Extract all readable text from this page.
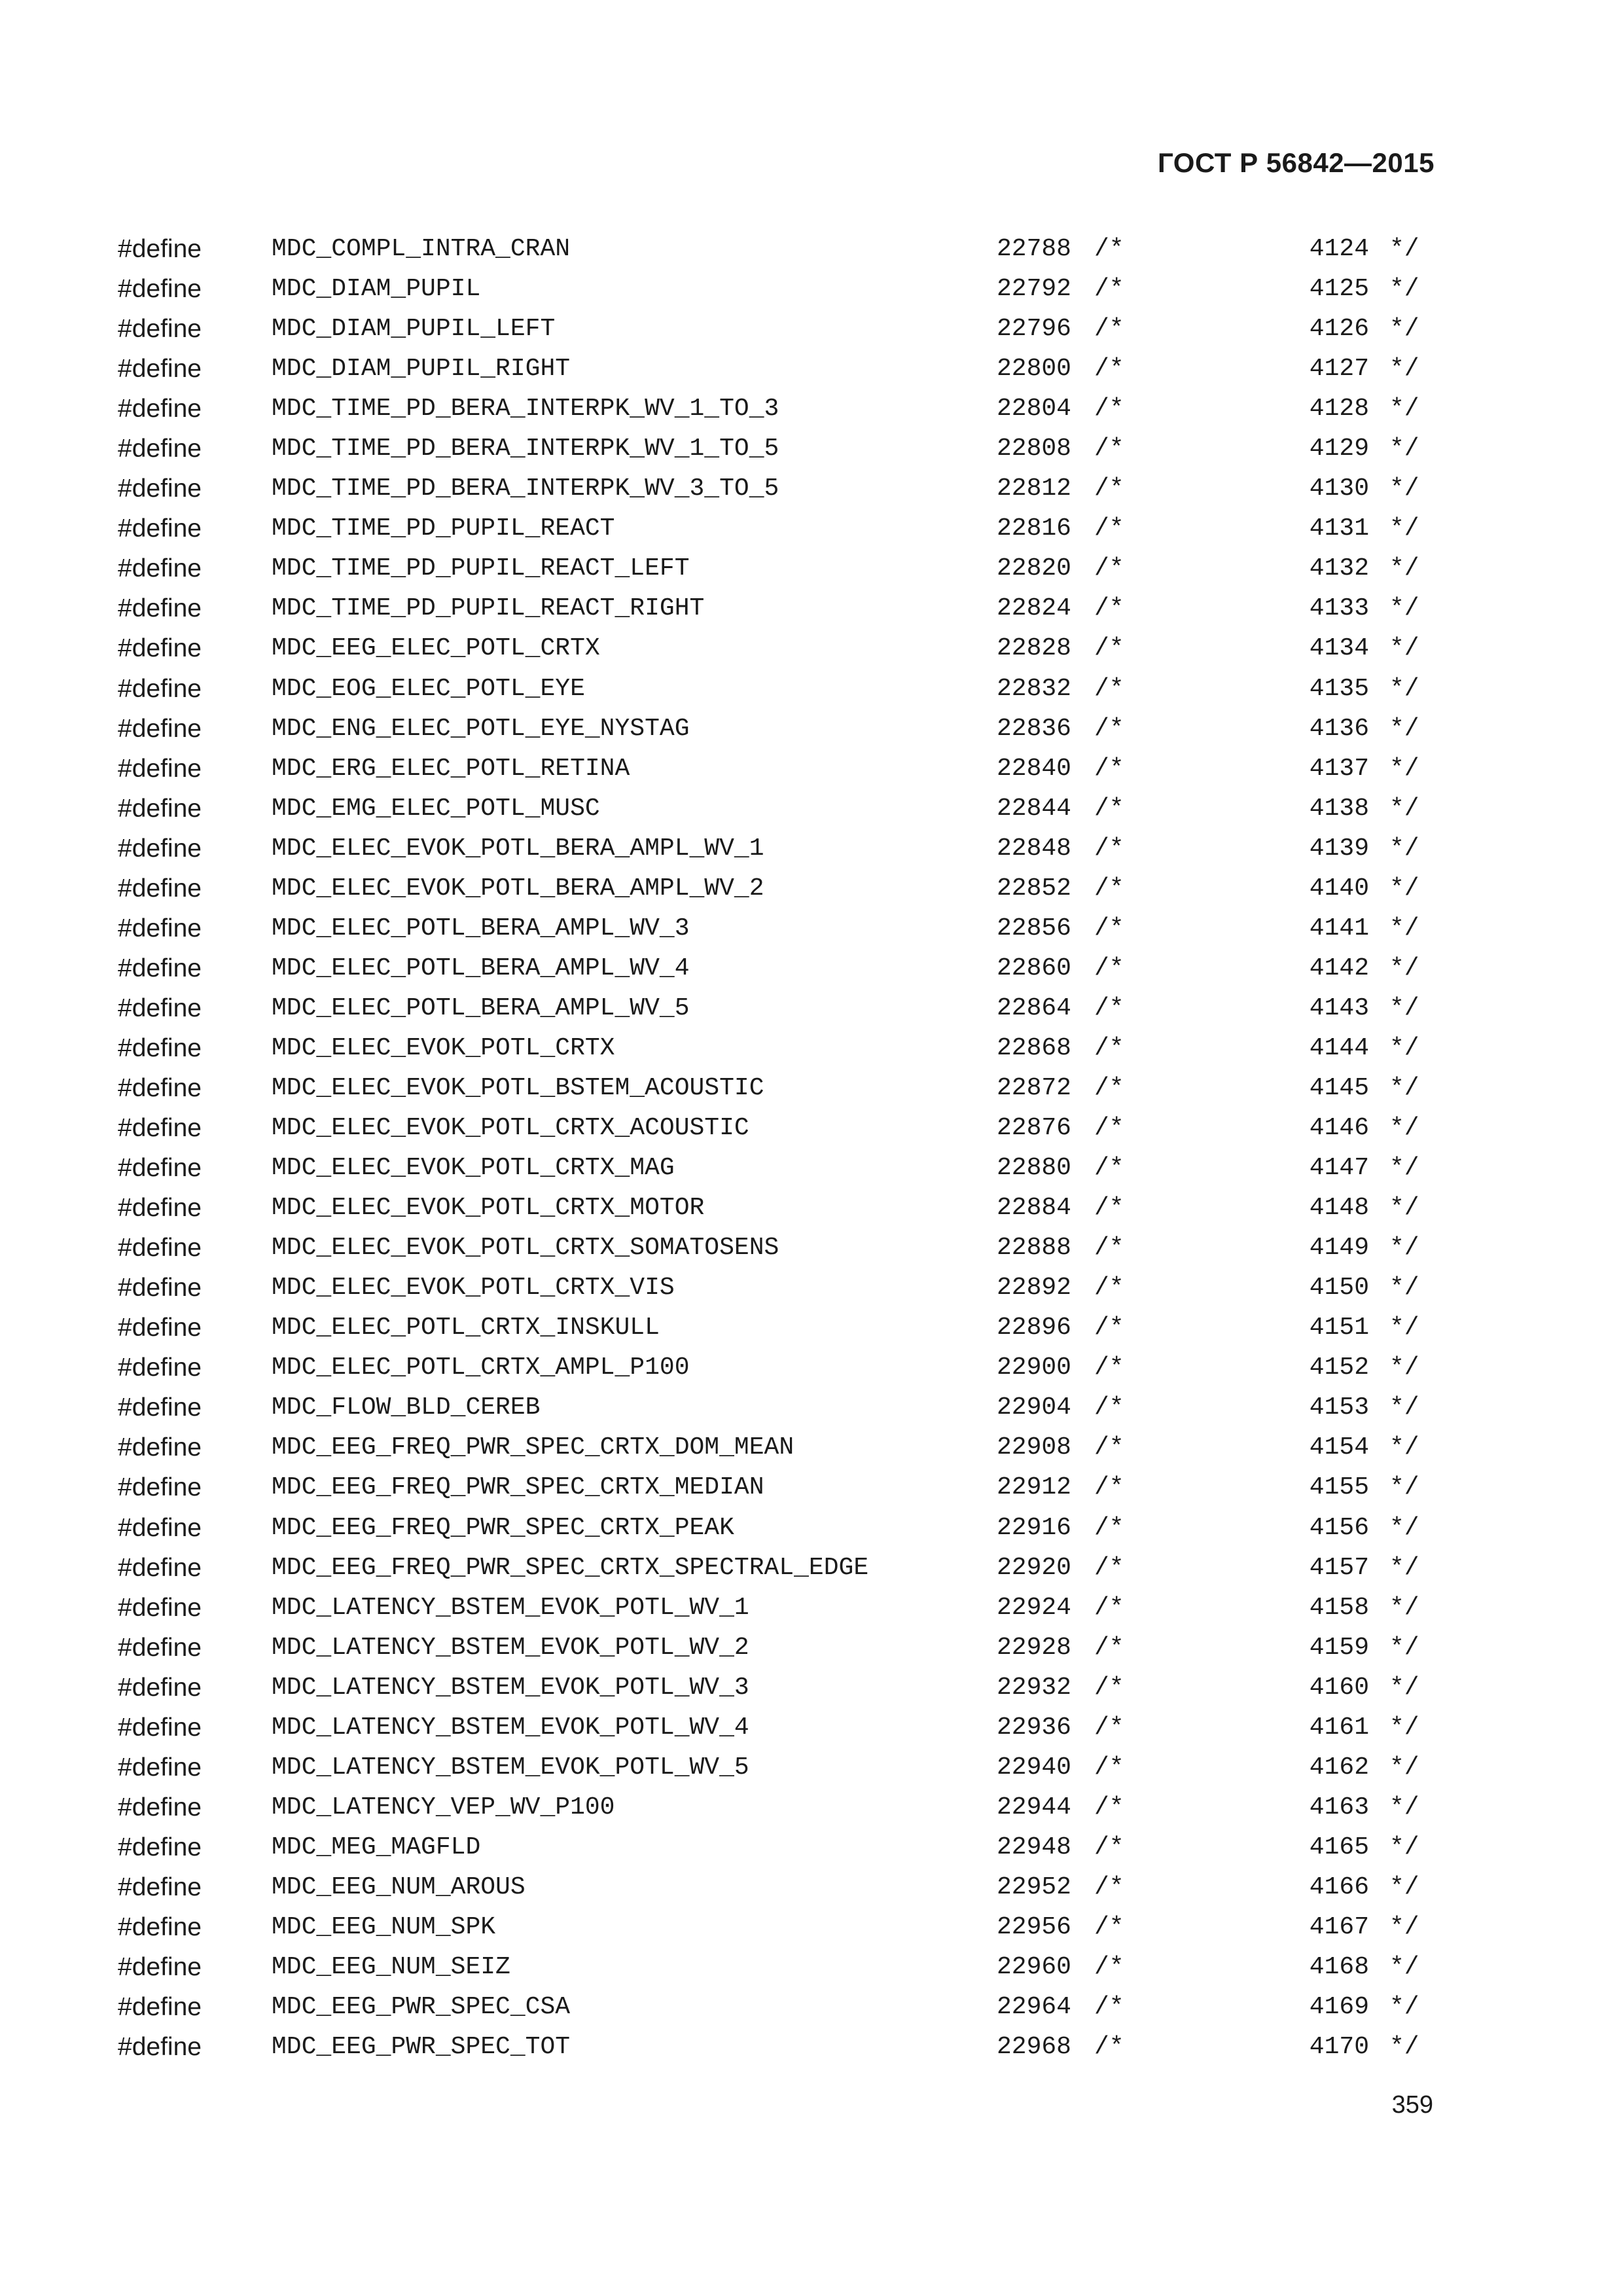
ГОСТ Р 56842—2015
#define	MDC_COMPL_INTRA_CRAN	22788 /*	4124 */
#define	MDC_DIAM_PUPIL	22792 /*	4125 */
#define	MDC_DIAM_PUPIL_LEFT	22796 /*	4126 */
#define	MDC_DIAM_PUPIL_RIGHT	22800 /*	4127 */
#define	MDC_TIME_PD_BERA_INTERPK_WV_1_TO_3	22804 /*	4128 */
#define	MDC_TIME_PD_BERA_INTERPK_WV_1_TO_5	22808 /*	4129 */
#define	MDC_TIME_PD_BERA_INTERPK_WV_3_TO_5	22812 /*	4130 */
#define	MDC_TIME_PD_PUPIL_REACT	22816 /*	4131 */
#define	MDC_TIME_PD_PUPIL_REACT_LEFT	22820 /*	4132 */
#define	MDC_TIME_PD_PUPIL_REACT_RIGHT	22824 /*	4133 */
#define	MDC_EEG_ELEC_POTL_CRTX	22828 /*	4134 */
#define	MDC_EOG_ELEC_POTL_EYE	22832 /*	4135 */
#define	MDC_ENG_ELEC_POTL_EYE_NYSTAG	22836 /*	4136 */
#define	MDC_ERG_ELEC_POTL_RETINA	22840 /*	4137 */
#define	MDC_EMG_ELEC_POTL_MUSC	22844 /*	4138 */
#define	MDC_ELEC_EVOK_POTL_BERA_AMPL_WV_1	22848 /*	4139 */
#define	MDC_ELEC_EVOK_POTL_BERA_AMPL_WV_2	22852 /*	4140 */
#define	MDC_ELEC_POTL_BERA_AMPL_WV_3	22856 /*	4141 */
#define	MDC_ELEC_POTL_BERA_AMPL_WV_4	22860 /*	4142 */
#define	MDC_ELEC_POTL_BERA_AMPL_WV_5	22864 /*	4143 */
#define	MDC_ELEC_EVOK_POTL_CRTX	22868 /*	4144 */
#define	MDC_ELEC_EVOK_POTL_BSTEM_ACOUSTIC	22872 /*	4145 */
#define	MDC_ELEC_EVOK_POTL_CRTX_ACOUSTIC	22876 /*	4146 */
#define	MDC_ELEC_EVOK_POTL_CRTX_MAG	22880 /*	4147 */
#define	MDC_ELEC_EVOK_POTL_CRTX_MOTOR	22884 /*	4148 */
#define	MDC_ELEC_EVOK_POTL_CRTX_SOMATOSENS	22888 /*	4149 */
#define	MDC_ELEC_EVOK_POTL_CRTX_VIS	22892 /*	4150 */
#define	MDC_ELEC_POTL_CRTX_INSKULL	22896 /*	4151 */
#define	MDC_ELEC_POTL_CRTX_AMPL_P100	22900 /*	4152 */
#define	MDC_FLOW_BLD_CEREB	22904 /*	4153 */
#define	MDC_EEG_FREQ_PWR_SPEC_CRTX_DOM_MEAN	22908 /*	4154 */
#define	MDC_EEG_FREQ_PWR_SPEC_CRTX_MEDIAN	22912 /*	4155 */
#define	MDC_EEG_FREQ_PWR_SPEC_CRTX_PEAK	22916 /*	4156 */
#define	MDC_EEG_FREQ_PWR_SPEC_CRTX_SPECTRAL_EDGE	22920 /*	4157 */
#define	MDC_LATENCY_BSTEM_EVOK_POTL_WV_1	22924 /*	4158 */
#define	MDC_LATENCY_BSTEM_EVOK_POTL_WV_2	22928 /*	4159 */
#define	MDC_LATENCY_BSTEM_EVOK_POTL_WV_3	22932 /*	4160 */
#define	MDC_LATENCY_BSTEM_EVOK_POTL_WV_4	22936 /*	4161 */
#define	MDC_LATENCY_BSTEM_EVOK_POTL_WV_5	22940 /*	4162 */
#define	MDC_LATENCY_VEP_WV_P100	22944 /*	4163 */
#define	MDC_MEG_MAGFLD	22948 /*	4165 */
#define	MDC_EEG_NUM_AROUS	22952 /*	4166 */
#define	MDC_EEG_NUM_SPK	22956 /*	4167 */
#define	MDC_EEG_NUM_SEIZ	22960 /*	4168 */
#define	MDC_EEG_PWR_SPEC_CSA	22964 /*	4169 */
#define	MDC_EEG_PWR_SPEC_TOT	22968 /*	4170 */
359
